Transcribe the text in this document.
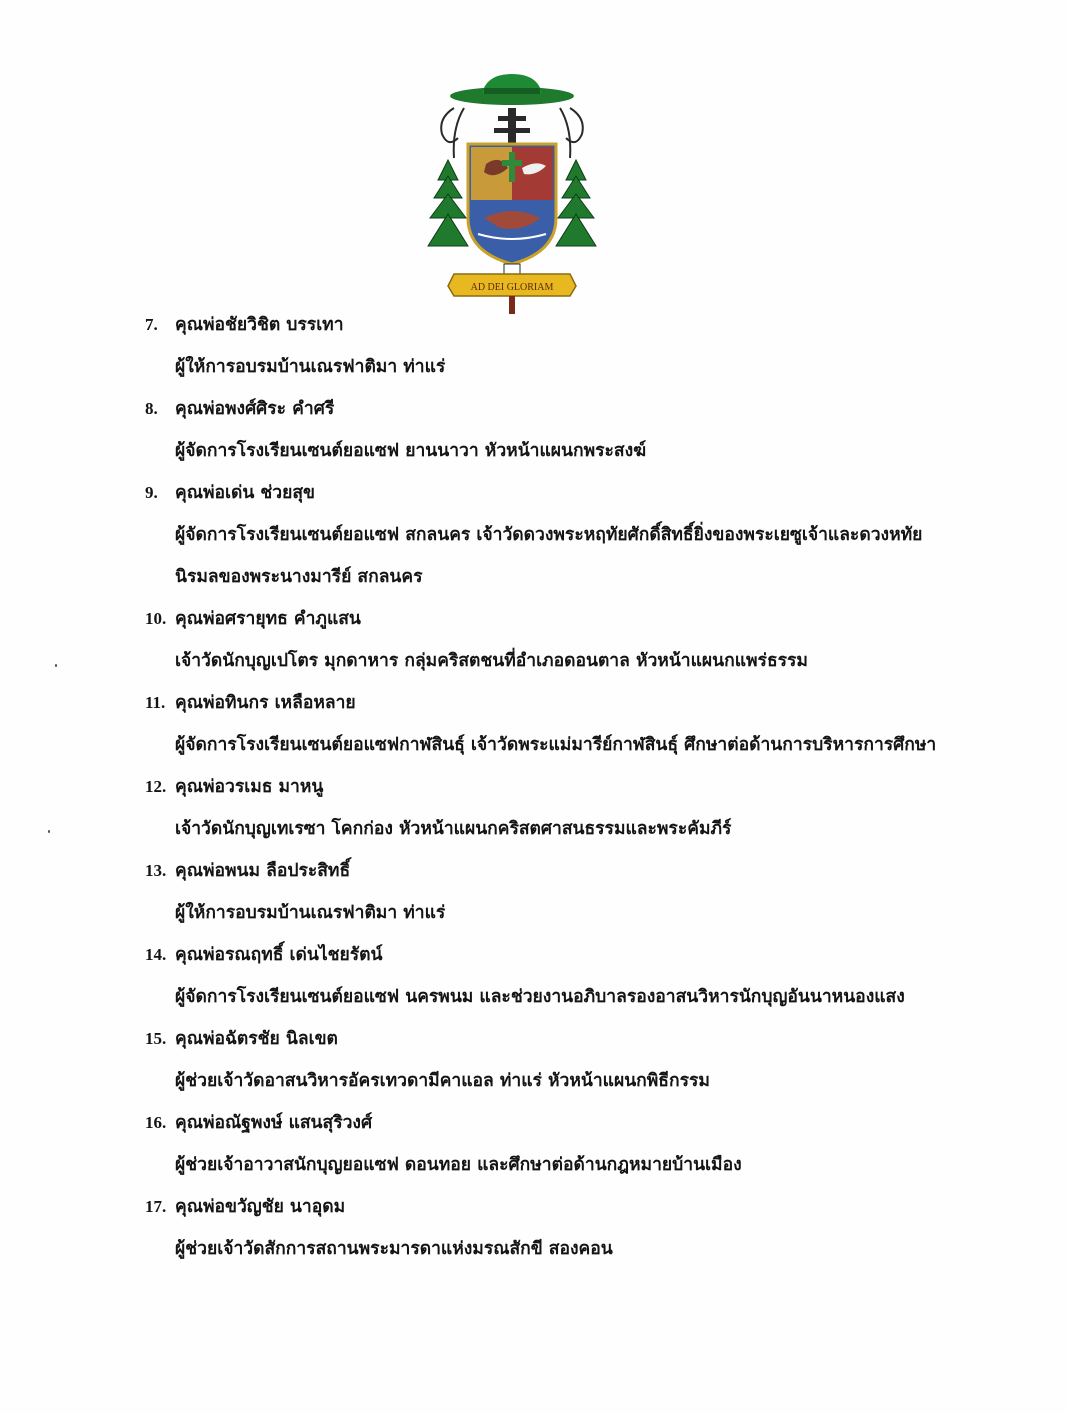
AD DEI GLORIAM
7. คุณพ่อชัยวิชิต บรรเทา
ผู้ให้การอบรมบ้านเณรฟาติมา ท่าแร่
8. คุณพ่อพงศ์ศิระ คำศรี
ผู้จัดการโรงเรียนเซนต์ยอแซฟ ยานนาวา หัวหน้าแผนกพระสงฆ์
9. คุณพ่อเด่น ช่วยสุข
ผู้จัดการโรงเรียนเซนต์ยอแซฟ สกลนคร เจ้าวัดดวงพระหฤทัยศักดิ์สิทธิ์ยิ่งของพระเยซูเจ้าและดวงหทัย
นิรมลของพระนางมารีย์ สกลนคร
10. คุณพ่อศรายุทธ คำภูแสน
เจ้าวัดนักบุญเปโตร มุกดาหาร กลุ่มคริสตชนที่อำเภอดอนตาล หัวหน้าแผนกแพร่ธรรม
11. คุณพ่อทินกร เหลือหลาย
ผู้จัดการโรงเรียนเซนต์ยอแซฟกาฬสินธุ์ เจ้าวัดพระแม่มารีย์กาฬสินธุ์ ศึกษาต่อด้านการบริหารการศึกษา
12. คุณพ่อวรเมธ มาหนู
เจ้าวัดนักบุญเทเรซา โคกก่อง หัวหน้าแผนกคริสตศาสนธรรมและพระคัมภีร์
13. คุณพ่อพนม ลือประสิทธิ์
ผู้ให้การอบรมบ้านเณรฟาติมา ท่าแร่
14. คุณพ่อรณฤทธิ์ เด่นไชยรัตน์
ผู้จัดการโรงเรียนเซนต์ยอแซฟ นครพนม และช่วยงานอภิบาลรองอาสนวิหารนักบุญอันนาหนองแสง
15. คุณพ่อฉัตรชัย นิลเขต
ผู้ช่วยเจ้าวัดอาสนวิหารอัครเทวดามีคาแอล ท่าแร่ หัวหน้าแผนกพิธีกรรม
16. คุณพ่อณัฐพงษ์ แสนสุริวงศ์
ผู้ช่วยเจ้าอาวาสนักบุญยอแซฟ ดอนทอย และศึกษาต่อด้านกฎหมายบ้านเมือง
17. คุณพ่อขวัญชัย นาอุดม
ผู้ช่วยเจ้าวัดสักการสถานพระมารดาแห่งมรณสักขี สองคอน
